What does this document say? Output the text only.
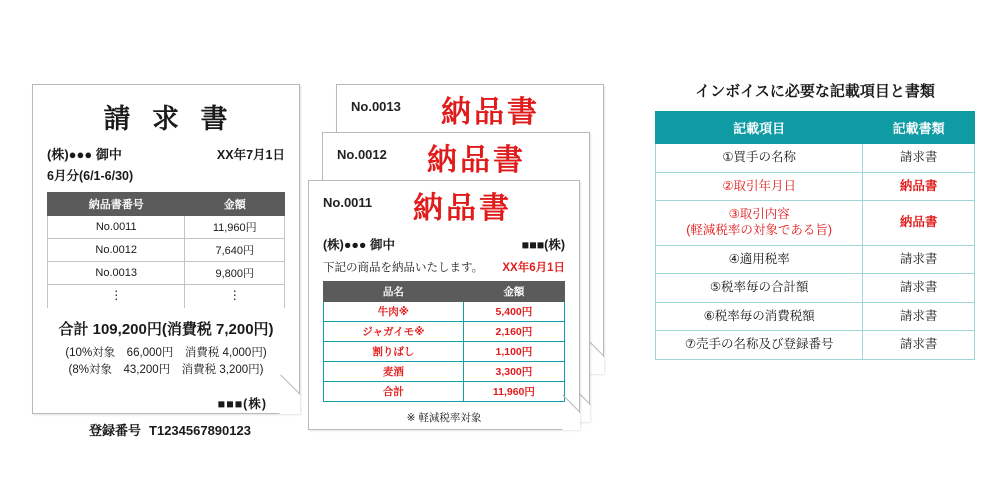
請 求 書
(株)●●● 御中	XX年7月1日
6月分(6/1-6/30)
納品書番号	金額
No.0011	11,960円
No.0012	7,640円
No.0013	9,800円
⋮	⋮
合計 109,200円(消費税 7,200円)
(10%対象　66,000円　消費税 4,000円)
(8%対象　43,200円　消費税 3,200円)
■■■(株)
登録番号 T1234567890123
No.0013 納品書
No.0012 納品書
No.0011 納品書
(株)●●● 御中	■■■(株)
下記の商品を納品いたします。 XX年6月1日
品名	金額
牛肉※	5,400円
ジャガイモ※	2,160円
割りばし	1,100円
麦酒	3,300円
合計	11,960円
※ 軽減税率対象
インボイスに必要な記載項目と書類
記載項目	記載書類
①買手の名称	請求書
②取引年月日	納品書

③取引内容
(軽減税率の対象である旨)	納品書
④適用税率	請求書
⑤税率毎の合計額	請求書
⑥税率毎の消費税額	請求書
⑦売手の名称及び登録番号	請求書
